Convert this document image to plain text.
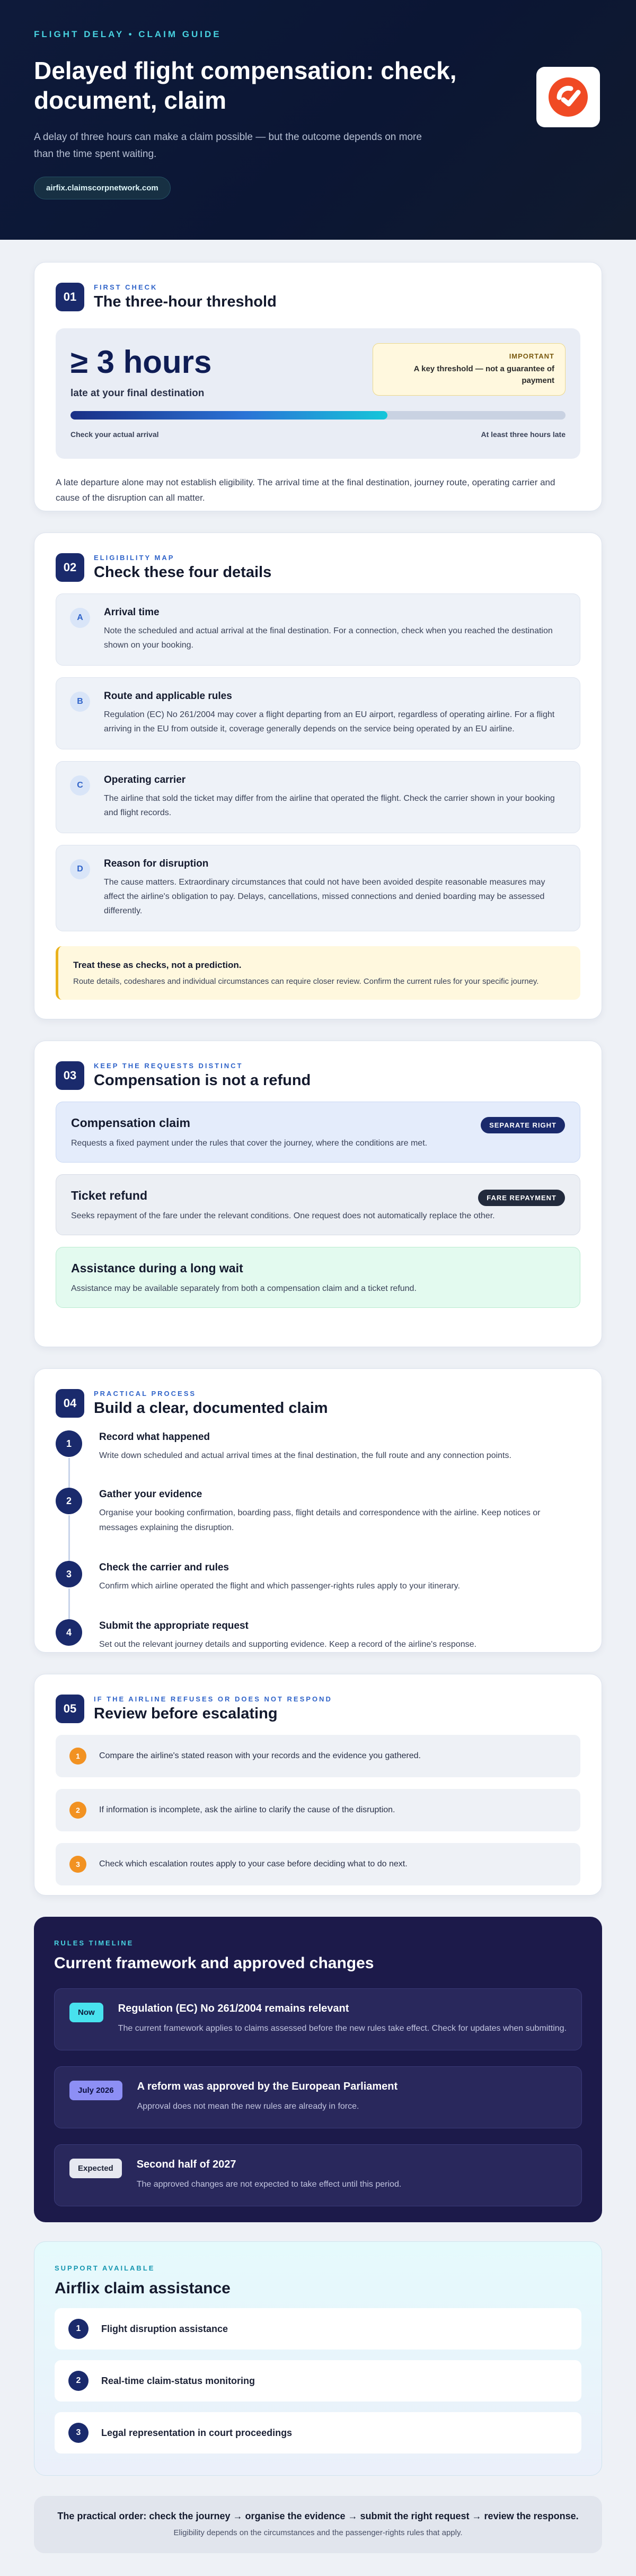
FLIGHT DELAY • CLAIM GUIDE
Delayed flight compensation: check, document, claim

A delay of three hours can make a claim possible — but the outcome depends on more than the time spent waiting.

airfix.claimscorpnetwork.com
01
FIRST CHECK
The three-hour threshold
≥ 3 hours
late at your final destination
IMPORTANT
A key threshold — not a guarantee of payment
Check your actual arrival	At least three hours late

A late departure alone may not establish eligibility. The arrival time at the final destination, journey route, operating carrier and cause of the disruption can all matter.

02
ELIGIBILITY MAP
Check these four details
A	Arrival time
Note the scheduled and actual arrival at the final destination. For a connection, check when you reached the destination shown on your booking.
B	Route and applicable rules
Regulation (EC) No 261/2004 may cover a flight departing from an EU airport, regardless of operating airline. For a flight arriving in the EU from outside it, coverage generally depends on the service being operated by an EU airline.
C	Operating carrier
The airline that sold the ticket may differ from the airline that operated the flight. Check the carrier shown in your booking and flight records.
D	Reason for disruption
The cause matters. Extraordinary circumstances that could not have been avoided despite reasonable measures may affect the airline's obligation to pay. Delays, cancellations, missed connections and denied boarding may be assessed differently.
Treat these as checks, not a prediction.
Route details, codeshares and individual circumstances can require closer review. Confirm the current rules for your specific journey.
03
KEEP THE REQUESTS DISTINCT
Compensation is not a refund
Compensation claim	SEPARATE RIGHT
Requests a fixed payment under the rules that cover the journey, where the conditions are met.
Ticket refund	FARE REPAYMENT
Seeks repayment of the fare under the relevant conditions. One request does not automatically replace the other.
Assistance during a long wait
Assistance may be available separately from both a compensation claim and a ticket refund.
04
PRACTICAL PROCESS
Build a clear, documented claim
1
Record what happened
Write down scheduled and actual arrival times at the final destination, the full route and any connection points.
2
Gather your evidence
Organise your booking confirmation, boarding pass, flight details and correspondence with the airline. Keep notices or messages explaining the disruption.
3
Check the carrier and rules
Confirm which airline operated the flight and which passenger-rights rules apply to your itinerary.
4
Submit the appropriate request
Set out the relevant journey details and supporting evidence. Keep a record of the airline's response.
05
IF THE AIRLINE REFUSES OR DOES NOT RESPOND
Review before escalating
1	Compare the airline's stated reason with your records and the evidence you gathered.
2	If information is incomplete, ask the airline to clarify the cause of the disruption.
3	Check which escalation routes apply to your case before deciding what to do next.
RULES TIMELINE
Current framework and approved changes
Now	Regulation (EC) No 261/2004 remains relevant
The current framework applies to claims assessed before the new rules take effect. Check for updates when submitting.
July 2026	A reform was approved by the European Parliament
Approval does not mean the new rules are already in force.
Expected	Second half of 2027
The approved changes are not expected to take effect until this period.
SUPPORT AVAILABLE
Airflix claim assistance
1	Flight disruption assistance
2	Real-time claim-status monitoring
3	Legal representation in court proceedings
The practical order: check the journey → organise the evidence → submit the right request → review the response.
Eligibility depends on the circumstances and the passenger-rights rules that apply.
